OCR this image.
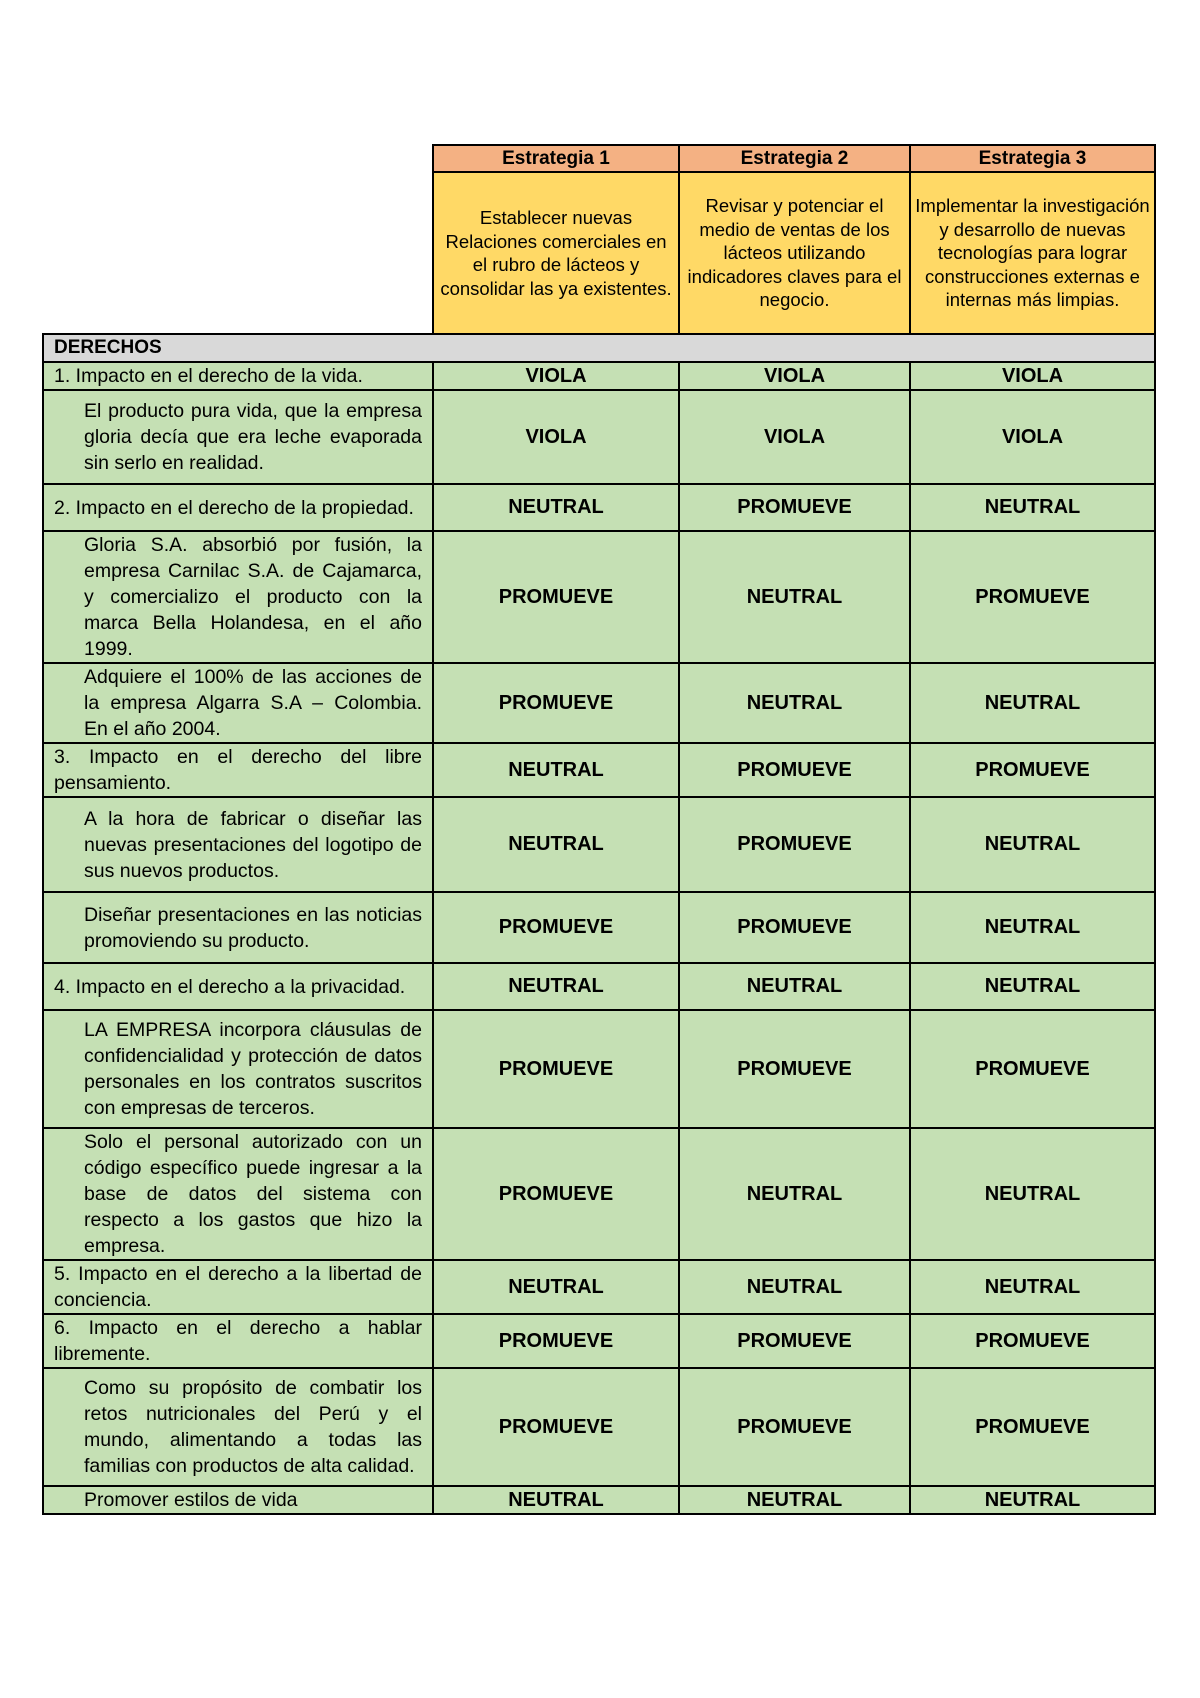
	Estrategia 1	Estrategia 2	Estrategia 3
	Establecer nuevas Relaciones comerciales en el rubro de lácteos y consolidar las ya existentes.	Revisar y potenciar el medio de ventas de los lácteos utilizando indicadores claves para el negocio.	Implementar la investigación y desarrollo de nuevas tecnologías para lograr construcciones externas e internas más limpias.
DERECHOS			
1. Impacto en el derecho de la vida.	VIOLA	VIOLA	VIOLA
El producto pura vida, que la empresa gloria decía que era leche evaporada sin serlo en realidad.	VIOLA	VIOLA	VIOLA
2. Impacto en el derecho de la propiedad.	NEUTRAL	PROMUEVE	NEUTRAL
Gloria S.A. absorbió por fusión, la empresa Carnilac S.A. de Cajamarca, y comercializo el producto con la marca Bella Holandesa, en el año 1999.	PROMUEVE	NEUTRAL	PROMUEVE
Adquiere el 100% de las acciones de la empresa Algarra S.A – Colombia. En el año 2004.	PROMUEVE	NEUTRAL	NEUTRAL
3. Impacto en el derecho del libre pensamiento.	NEUTRAL	PROMUEVE	PROMUEVE
A la hora de fabricar o diseñar las nuevas presentaciones del logotipo de sus nuevos productos.	NEUTRAL	PROMUEVE	NEUTRAL
Diseñar presentaciones en las noticias promoviendo su producto.	PROMUEVE	PROMUEVE	NEUTRAL
4. Impacto en el derecho a la privacidad.	NEUTRAL	NEUTRAL	NEUTRAL
LA EMPRESA incorpora cláusulas de confidencialidad y protección de datos personales en los contratos suscritos con empresas de terceros.	PROMUEVE	PROMUEVE	PROMUEVE
Solo el personal autorizado con un código específico puede ingresar a la base de datos del sistema con respecto a los gastos que hizo la empresa.	PROMUEVE	NEUTRAL	NEUTRAL
5. Impacto en el derecho a la libertad de conciencia.	NEUTRAL	NEUTRAL	NEUTRAL
6. Impacto en el derecho a hablar libremente.	PROMUEVE	PROMUEVE	PROMUEVE
Como su propósito de combatir los retos nutricionales del Perú y el mundo, alimentando a todas las familias con productos de alta calidad.	PROMUEVE	PROMUEVE	PROMUEVE
Promover estilos de vida	NEUTRAL	NEUTRAL	NEUTRAL
